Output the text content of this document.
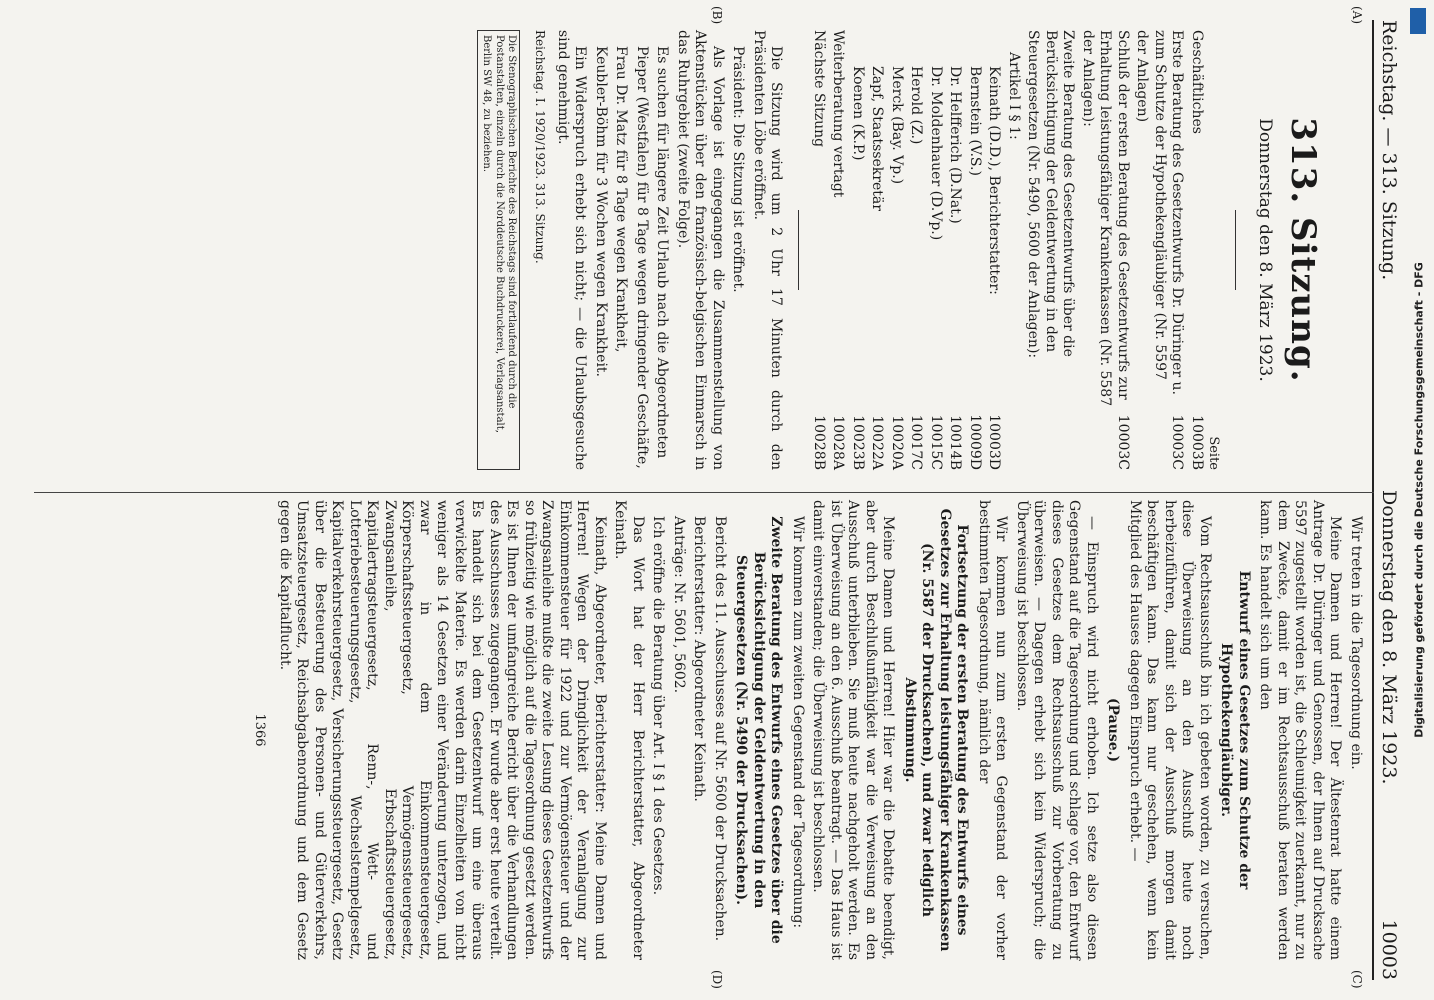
Reichstag. — 313. Sitzung.
Donnerstag den 8. März 1923.
10003
(A)
(B)
(C)
(D)
313. Sitzung.
Donnerstag den 8. März 1923.
Seite
Geschäftliches
10003B
Erste Beratung des Gesetzentwurfs Dr. Düringer u. zum Schutze der Hypothekengläubiger (Nr. 5597 der Anlagen)
10003C
Schluß der ersten Beratung des Gesetzentwurfs zur Erhaltung leistungsfähiger Krankenkassen (Nr. 5587 der Anlagen):
10003C
Zweite Beratung des Gesetzentwurfs über die Berücksichtigung der Geldentwertung in den Steuergesetzen (Nr. 5490, 5600 der Anlagen):
Artikel I § 1:
Keinath (D.D.), Berichterstatter:
10003D
Bernstein (V.S.)
10009D
Dr. Helfferich (D.Nat.)
10014B
Dr. Moldenhauer (D.Vp.)
10015C
Herold (Z.)
10017C
Merck (Bay. Vp.)
10020A
Zapf, Staatssekretär
10022A
Koenen (K.P.)
10023B
Weiterberatung vertagt
10028A
Nächste Sitzung
10028B

Die Sitzung wird um 2 Uhr 17 Minuten durch den Präsidenten Löbe eröffnet.

Präsident: Die Sitzung ist eröffnet.

Als Vorlage ist eingegangen die Zusammenstellung von Aktenstücken über den französisch-belgischen Einmarsch in das Ruhrgebiet (zweite Folge).

Es suchen für längere Zeit Urlaub nach die Abgeordneten

Pieper (Westfalen) für 8 Tage wegen dringender Geschäfte,

Frau Dr. Matz für 8 Tage wegen Krankheit,

Keubler-Böhm für 3 Wochen wegen Krankheit.

Ein Widerspruch erhebt sich nicht; — die Urlaubsgesuche sind genehmigt.

Reichstag. I. 1920/1923. 313. Sitzung.
Die Stenographischen Berichte des Reichstags sind fortlaufend durch die Postanstalten, einzeln durch die Norddeutsche Buchdruckerei, Verlagsanstalt, Berlin SW 48, zu beziehen.

Wir treten in die Tagesordnung ein.

Meine Damen und Herren! Der Ältestenrat hatte einem Antrage Dr. Düringer und Genossen, der Ihnen auf Drucksache 5597 zugestellt worden ist, die Schleunigkeit zuerkannt, nur zu dem Zwecke, damit er im Rechtsausschuß beraten werden kann. Es handelt sich um den

Entwurf eines Gesetzes zum Schutze der Hypothekengläubiger.

Vom Rechtsausschuß bin ich gebeten worden, zu versuchen, diese Überweisung an den Ausschuß heute noch herbeizuführen, damit sich der Ausschuß morgen damit beschäftigen kann. Das kann nur geschehen, wenn kein Mitglied des Hauses dagegen Einspruch erhebt. —

(Pause.)

— Einspruch wird nicht erhoben. Ich setze also diesen Gegenstand auf die Tagesordnung und schlage vor, den Entwurf dieses Gesetzes dem Rechtsausschuß zur Vorberatung zu überweisen. — Dagegen erhebt sich kein Widerspruch; die Überweisung ist beschlossen.

Wir kommen nun zum ersten Gegenstand der vorher bestimmten Tagesordnung, nämlich der

Fortsetzung der ersten Beratung des Entwurfs eines Gesetzes zur Erhaltung leistungsfähiger Krankenkassen (Nr. 5587 der Drucksachen), und zwar lediglich Abstimmung.

Meine Damen und Herren! Hier war die Debatte beendigt, aber durch Beschlußunfähigkeit war die Verweisung an den Ausschuß unterblieben. Sie muß heute nachgeholt werden. Es ist Überweisung an den 6. Ausschuß beantragt. — Das Haus ist damit einverstanden; die Überweisung ist beschlossen.

Wir kommen zum zweiten Gegenstand der Tagesordnung:

Zweite Beratung des Entwurfs eines Gesetzes über die Berücksichtigung der Geldentwertung in den Steuergesetzen (Nr. 5490 der Drucksachen).

Bericht des 11. Ausschusses auf Nr. 5600 der Drucksachen.

Berichterstatter: Abgeordneter Keinath.

Anträge: Nr. 5601, 5602.

Ich eröffne die Beratung über Art. I § 1 des Gesetzes.

Das Wort hat der Herr Berichterstatter, Abgeordneter Keinath.

Keinath, Abgeordneter, Berichterstatter: Meine Damen und Herren! Wegen der Dringlichkeit der Veranlagung zur Einkommensteuer für 1922 und zur Vermögensteuer und der Zwangsanleihe mußte die zweite Lesung dieses Gesetzentwurfs so frühzeitig wie möglich auf die Tagesordnung gesetzt werden. Es ist Ihnen der umfangreiche Bericht über die Verhandlungen des Ausschusses zugegangen. Er wurde aber erst heute verteilt. Es handelt sich bei dem Gesetzentwurf um eine überaus verwickelte Materie. Es werden darin Einzelheiten von nicht weniger als 14 Gesetzen einer Veränderung unterzogen, und zwar in dem Einkommensteuergesetz, Körperschaftssteuergesetz, Vermögenssteuergesetz, Zwangsanleihe, Erbschaftssteuergesetz, Kapitalertragsteuergesetz, Renn-, Wett- und Lotteriebesteuerungsgesetz, Wechselstempelgesetz, Kapitalverkehrsteuergesetz, Versicherungssteuergesetz, Gesetz über die Besteuerung des Personen- und Güterverkehrs, Umsatzsteuergesetz, Reichsabgabenordnung und dem Gesetz gegen die Kapitalflucht.

1366	Digitalisierung gefördert durch die Deutsche Forschungsgemeinschaft - DFG
